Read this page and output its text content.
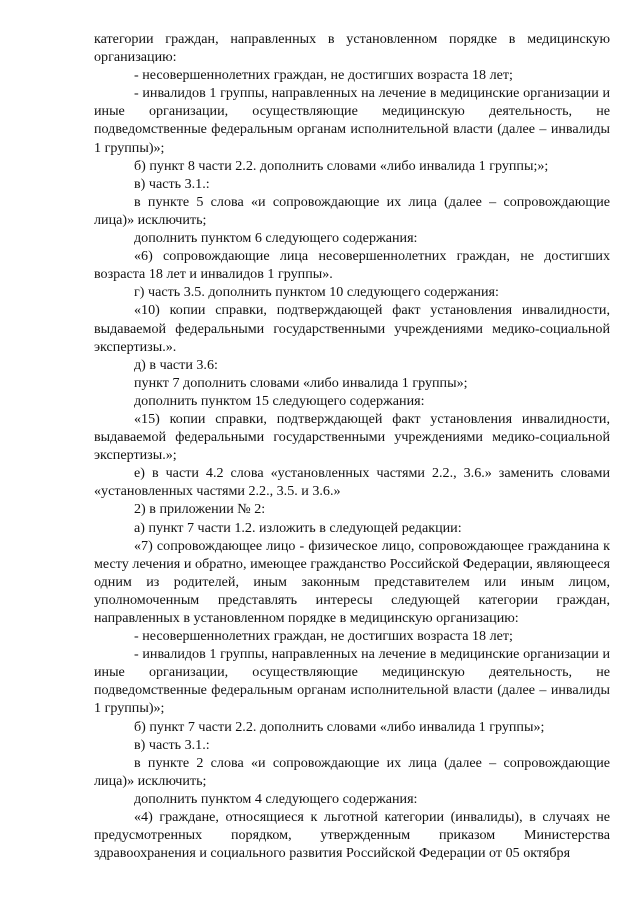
категории граждан, направленных в установленном порядке в медицинскую организацию:

- несовершеннолетних граждан, не достигших возраста 18 лет;

- инвалидов 1 группы, направленных на лечение в медицинские организации и иные организации, осуществляющие медицинскую деятельность, не подведомственные федеральным органам исполнительной власти (далее – инвалиды 1 группы)»;

б) пункт 8 части 2.2. дополнить словами «либо инвалида 1 группы;»;

в) часть 3.1.:

в пункте 5 слова «и сопровождающие их лица (далее – сопровождающие лица)» исключить;

дополнить пунктом 6 следующего содержания:

«6) сопровождающие лица несовершеннолетних граждан, не достигших возраста 18 лет и инвалидов 1 группы».

г) часть 3.5. дополнить пунктом 10 следующего содержания:

«10) копии справки, подтверждающей факт установления инвалидности, выдаваемой федеральными государственными учреждениями медико-социальной экспертизы.».

д) в части 3.6:

пункт 7 дополнить словами «либо инвалида 1 группы»;

дополнить пунктом 15 следующего содержания:

«15) копии справки, подтверждающей факт установления инвалидности, выдаваемой федеральными государственными учреждениями медико-социальной экспертизы.»;

е) в части 4.2 слова «установленных частями 2.2., 3.6.» заменить словами «установленных частями 2.2., 3.5. и 3.6.»

2) в приложении № 2:

а) пункт 7 части 1.2. изложить в следующей редакции:

«7) сопровождающее лицо - физическое лицо, сопровождающее гражданина к месту лечения и обратно, имеющее гражданство Российской Федерации, являющееся одним из родителей, иным законным представителем или иным лицом, уполномоченным представлять интересы следующей категории граждан, направленных в установленном порядке в медицинскую организацию:

- несовершеннолетних граждан, не достигших возраста 18 лет;

- инвалидов 1 группы, направленных на лечение в медицинские организации и иные организации, осуществляющие медицинскую деятельность, не подведомственные федеральным органам исполнительной власти (далее – инвалиды 1 группы)»;

б) пункт 7 части 2.2. дополнить словами «либо инвалида 1 группы»;

в) часть 3.1.:

в пункте 2 слова «и сопровождающие их лица (далее – сопровождающие лица)» исключить;

дополнить пунктом 4 следующего содержания:

«4) граждане, относящиеся к льготной категории (инвалиды), в случаях не предусмотренных порядком, утвержденным приказом Министерства здравоохранения и социального развития Российской Федерации от 05 октября
